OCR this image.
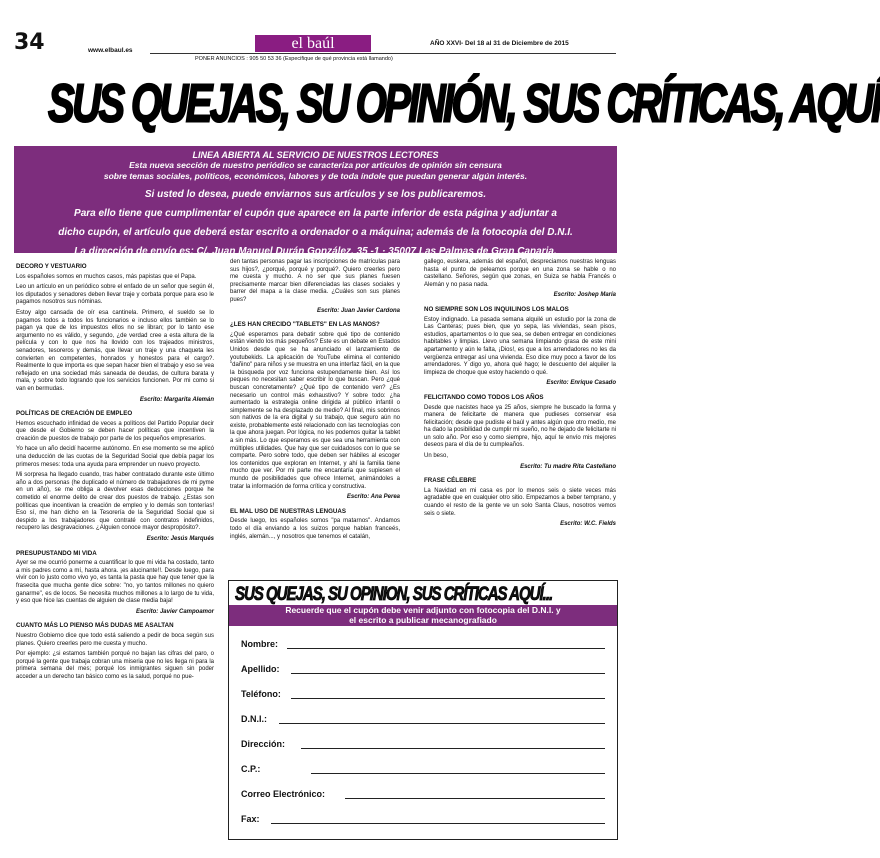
34	www.elbaul.es	el baúl	AÑO XXVI- Del 18 al 31 de Diciembre de 2015
PONER ANUNCIOS : 905 50 53 36 (Especifique de qué provincia está llamando)
SUS QUEJAS, SU OPINIÓN, SUS CRÍTICAS, AQUÍ
LINEA ABIERTA AL SERVICIO DE NUESTROS LECTORES
Esta nueva sección de nuestro periódico se caracteriza por artículos de opinión sin censura
sobre temas sociales, políticos, económicos, labores y de toda índole que puedan generar algún interés.
Si usted lo desea, puede enviarnos sus artículos y se los publicaremos.
Para ello tiene que cumplimentar el cupón que aparece en la parte inferior de esta página y adjuntar a
dicho cupón, el artículo que deberá estar escrito a ordenador o a máquina; además de la fotocopia del D.N.I.
La dirección de envío es: C/. Juan Manuel Durán González, 35 -1 · 35007 Las Palmas de Gran Canaria.
DECORO Y VESTUARIO

Los españoles somos en muchos casos, más papistas que el Papa.

Leo un artículo en un periódico sobre el enfado de un señor que según él, los diputados y senadores deben llevar traje y corbata porque para eso le pagamos nosotros sus nóminas.

Estoy algo cansada de oír esa cantinela. Primero, el sueldo se lo pagamos todos a todos los funcionarios e incluso ellos también se lo pagan ya que de los impuestos ellos no se libran; por lo tanto ese argumento no es válido, y segundo, ¿de verdad cree a esta altura de la película y con lo que nos ha llovido con los trajeados ministros, senadores, tesoreros y demás, que llevar un traje y una chaqueta les convierten en competentes, honrados y honestos para el cargo?. Realmente lo que importa es que sepan hacer bien el trabajo y eso se vea reflejado en una sociedad más saneada de deudas, de cultura barata y mala, y sobre todo logrando que los servicios funcionen. Por mi como si van en bermudas.

Escrito: Margarita Alemán

POLÍTICAS DE CREACIÓN DE EMPLEO

Hemos escuchado infinidad de veces a políticos del Partido Popular decir que desde el Gobierno se deben hacer políticas que incentiven la creación de puestos de trabajo por parte de los pequeños empresarios.

Yo hace un año decidí hacerme autónomo. En ese momento se me aplicó una deducción de las cuotas de la Seguridad Social que debía pagar los primeros meses: toda una ayuda para emprender un nuevo proyecto.

Mi sorpresa ha llegado cuando, tras haber contratado durante este último año a dos personas (he duplicado el número de trabajadores de mi pyme en un año), se me obliga a devolver esas deducciones porque he cometido el enorme delito de crear dos puestos de trabajo. ¿Estas son políticas que incentivan la creación de empleo y lo demás son tonterías! Eso sí, me han dicho en la Tesorería de la Seguridad Social que si despido a los trabajadores que contraté con contratos indefinidos, recupero las desgravaciones. ¿Alguien conoce mayor despropósito?.

Escrito: Jesús Marqués

PRESUPUSTANDO MI VIDA

Ayer se me ocurrió ponerme a cuantificar lo que mi vida ha costado, tanto a mis padres como a mí, hasta ahora. ¡es alucinante!!. Desde luego, para vivir con lo justo como vivo yo, es tanta la pasta que hay que tener que la frasecita que mucha gente dice sobre: "no, yo tantos millones no quiero ganarme", es de locos. Se necesita muchos millones a lo largo de tu vida, y eso que hice las cuentas de alguien de clase media baja!

Escrito: Javier Campoamor

CUANTO MÁS LO PIENSO MÁS DUDAS ME ASALTAN

Nuestro Gobierno dice que todo está saliendo a pedir de boca según sus planes. Quiero creerles pero me cuesta y mucho.

Por ejemplo: ¿si estamos también porqué no bajan las cifras del paro, o porqué la gente que trabaja cobran una miseria que no les llega ni para la primera semana del mes; porqué los inmigrantes siguen sin poder acceder a un derecho tan básico como es la salud, porqué no pue-

den tantas personas pagar las inscripciones de matrículas para sus hijos?, ¿porqué, porqué y porqué?. Quiero creerles pero me cuesta y mucho. A no ser que sus planes fuesen precisamente marcar bien diferenciadas las clases sociales y barrer del mapa a la clase media. ¿Cuáles son sus planes pues?

Escrito: Juan Javier Cardona

¿LES HAN CRECIDO "TABLETS" EN LAS MANOS?

¿Qué esperamos para debatir sobre qué tipo de contenido están viendo los más pequeños? Este es un debate en Estados Unidos desde que se ha anunciado el lanzamiento de youtubekids. La aplicación de YouTube elimina el contenido "dañino" para niños y se muestra en una interfaz fácil, en la que la búsqueda por voz funciona estupendamente bien. Así los peques no necesitan saber escribir lo que buscan. Pero ¿qué buscan concretamente? ¿Qué tipo de contenido ven? ¿Es necesario un control más exhaustivo? Y sobre todo: ¿ha aumentado la estrategia online dirigida al público infantil o simplemente se ha desplazado de medio? Al final, mis sobrinos son nativos de la era digital y su trabajo, que seguro aún no existe, probablemente esté relacionado con las tecnologías con la que ahora juegan. Por lógica, no les podemos quitar la tablet a sin más. Lo que esperamos es que sea una herramienta con múltiples utilidades. Que hay que ser cuidadosos con lo que se comparte. Pero sobre todo, que deben ser hábiles al escoger los contenidos que exploran en Internet, y ahí la familia tiene mucho que ver. Por mi parte me encantaría que supiesen el mundo de posibilidades que ofrece Internet, animándoles a tratar la información de forma crítica y constructiva.

Escrito: Ana Perea

EL MAL USO DE NUESTRAS LENGUAS

Desde luego, los españoles somos "pa matarnos". Andamos todo el día enviando a los suizos porque hablan franceés, inglés, alemán..., y nosotros que tenemos el catalán,

gallego, euskera, además del español, despreciamos nuestras lenguas hasta el punto de peleamos porque en una zona se hable o no castellano. Señores, según que zonas, en Suiza se habla Francés o Alemán y no pasa nada.

Escrito: Joshep María

NO SIEMPRE SON LOS INQUILINOS LOS MALOS

Estoy indignado. La pasada semana alquilé un estudio por la zona de Las Canteras; pues bien, que yo sepa, las viviendas, sean pisos, estudios, apartamentos o lo que sea, se deben entregar en condiciones habitables y limpias. Llevo una semana limpiando grasa de este mini apartamento y aún le falta, ¡Dios!, es que a los arrendadores no les da vergüenza entregar así una vivienda. Eso dice muy poco a favor de los arrendadores. Y digo yo, ahora qué hago; le descuento del alquiler la limpieza de choque que estoy haciendo o qué.

Escrito: Enrique Casado

FELICITANDO COMO TODOS LOS AÑOS

Desde que nacistes hace ya 25 años, siempre he buscado la forma y manera de felicitarte de manera que pudieses conservar esa felicitación; desde que pudiste el baúl y antes algún que otro medio, me ha dado la posibilidad de cumplir mi sueño, no he dejado de felicitarte ni un solo año. Por eso y como siempre, hijo, aquí te envío mis mejores deseos para el día de tu cumpleaños.

Un beso,

Escrito: Tu madre Rita Castellano

FRASE CÉLEBRE

La Navidad en mi casa es por lo menos seis o siete veces más agradable que en cualquier otro sitio. Empezamos a beber temprano, y cuando el resto de la gente ve un solo Santa Claus, nosotros vemos seis o siete.

Escrito: W.C. Fields

SUS QUEJAS, SU OPINION, SUS CRÍTICAS AQUÍ...
Recuerde que el cupón debe venir adjunto con fotocopia del D.N.I. y
el escrito a publicar mecanografiado
Nombre:
Apellido:
Teléfono:
D.N.I.:
Dirección:
C.P.:
Correo Electrónico:
Fax:
